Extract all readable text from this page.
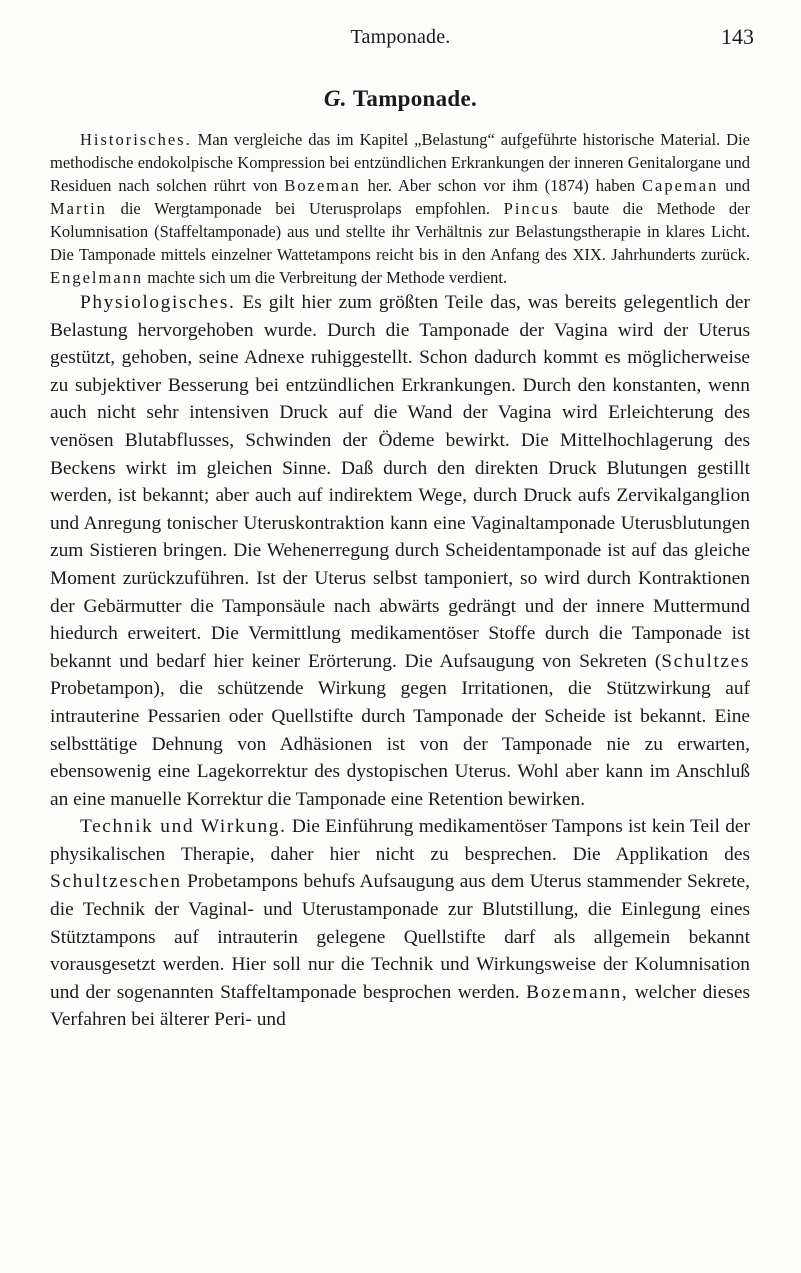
Tamponade.	143
G. Tamponade.

Historisches. Man vergleiche das im Kapitel „Belastung“ aufgeführte historische Material. Die methodische endokolpische Kompression bei entzündlichen Erkrankungen der inneren Genitalorgane und Residuen nach solchen rührt von Bozeman her. Aber schon vor ihm (1874) haben Capeman und Martin die Wergtamponade bei Uterusprolaps empfohlen. Pincus baute die Methode der Kolumnisation (Staffeltamponade) aus und stellte ihr Verhältnis zur Belastungstherapie in klares Licht. Die Tamponade mittels einzelner Wattetampons reicht bis in den Anfang des XIX. Jahrhunderts zurück. Engelmann machte sich um die Verbreitung der Methode verdient.

Physiologisches. Es gilt hier zum größten Teile das, was bereits gelegentlich der Belastung hervorgehoben wurde. Durch die Tamponade der Vagina wird der Uterus gestützt, gehoben, seine Adnexe ruhiggestellt. Schon dadurch kommt es möglicherweise zu subjektiver Besserung bei entzündlichen Erkrankungen. Durch den konstanten, wenn auch nicht sehr intensiven Druck auf die Wand der Vagina wird Erleichterung des venösen Blutabflusses, Schwinden der Ödeme bewirkt. Die Mittelhochlagerung des Beckens wirkt im gleichen Sinne. Daß durch den direkten Druck Blutungen gestillt werden, ist bekannt; aber auch auf indirektem Wege, durch Druck aufs Zervikalganglion und Anregung tonischer Uteruskontraktion kann eine Vaginaltamponade Uterusblutungen zum Sistieren bringen. Die Wehenerregung durch Scheidentamponade ist auf das gleiche Moment zurückzuführen. Ist der Uterus selbst tamponiert, so wird durch Kontraktionen der Gebärmutter die Tamponsäule nach abwärts gedrängt und der innere Muttermund hiedurch erweitert. Die Vermittlung medikamentöser Stoffe durch die Tamponade ist bekannt und bedarf hier keiner Erörterung. Die Aufsaugung von Sekreten (Schultzes Probetampon), die schützende Wirkung gegen Irritationen, die Stützwirkung auf intrauterine Pessarien oder Quellstifte durch Tamponade der Scheide ist bekannt. Eine selbsttätige Dehnung von Adhäsionen ist von der Tamponade nie zu erwarten, ebensowenig eine Lagekorrektur des dystopischen Uterus. Wohl aber kann im Anschluß an eine manuelle Korrektur die Tamponade eine Retention bewirken.

Technik und Wirkung. Die Einführung medikamentöser Tampons ist kein Teil der physikalischen Therapie, daher hier nicht zu besprechen. Die Applikation des Schultzeschen Probetampons behufs Aufsaugung aus dem Uterus stammender Sekrete, die Technik der Vaginal- und Uterustamponade zur Blutstillung, die Einlegung eines Stütztampons auf intrauterin gelegene Quellstifte darf als allgemein bekannt vorausgesetzt werden. Hier soll nur die Technik und Wirkungsweise der Kolumnisation und der sogenannten Staffeltamponade besprochen werden. Bozemann, welcher dieses Verfahren bei älterer Peri- und
